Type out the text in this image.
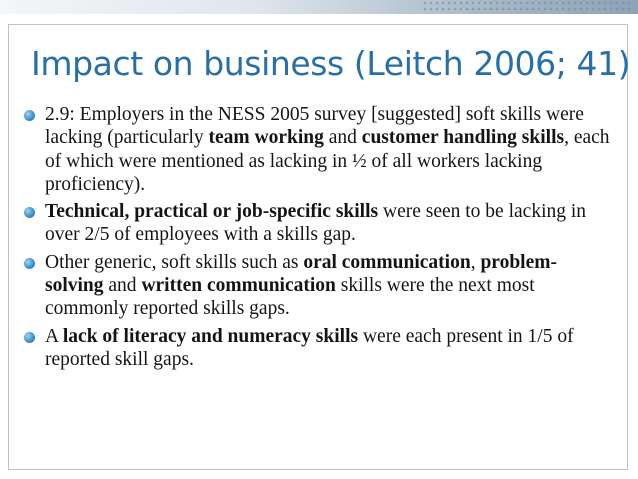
Impact on business (Leitch 2006; 41)
2.9: Employers in the NESS 2005 survey [suggested] soft skills were lacking (particularly team working and customer handling skills, each of which were mentioned as lacking in ½ of all workers lacking proficiency).
Technical, practical or job-specific skills were seen to be lacking in over 2/5 of employees with a skills gap.
Other generic, soft skills such as oral communication, problem-solving and written communication skills were the next most commonly reported skills gaps.
A lack of literacy and numeracy skills were each present in 1/5 of reported skill gaps.
